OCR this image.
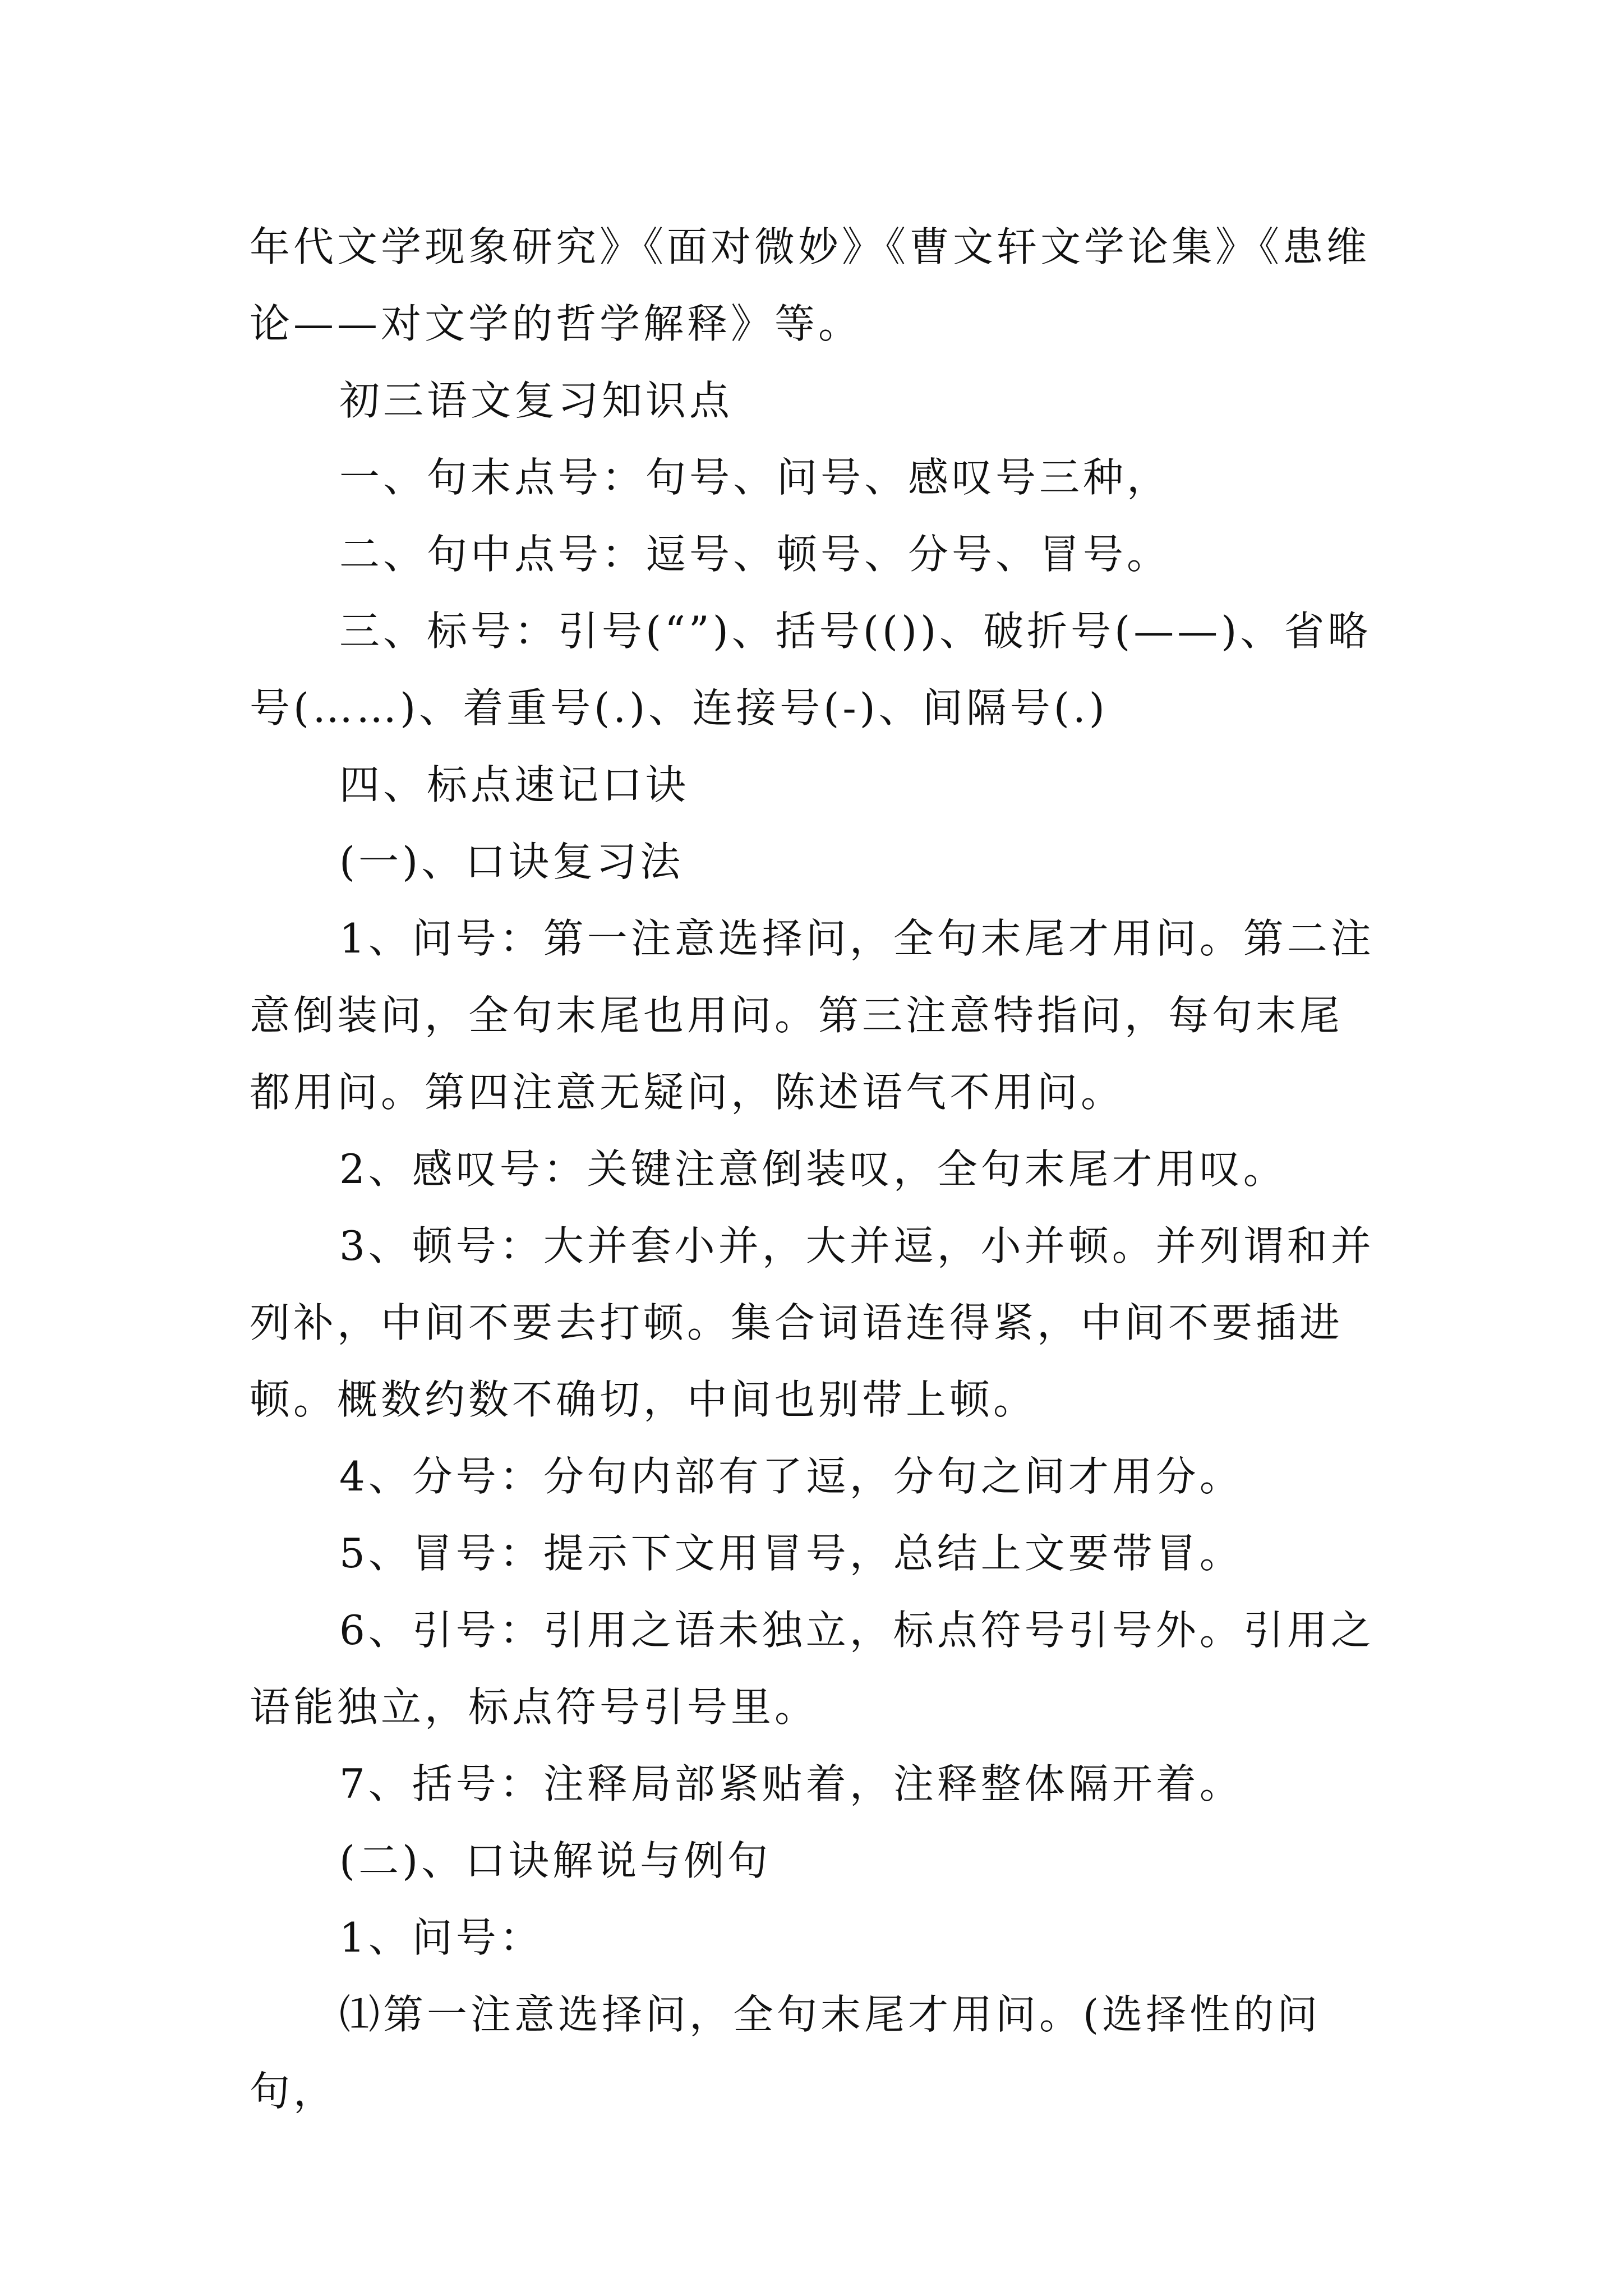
年代文学现象研究》《面对微妙》《曹文轩文学论集》《患维论——对文学的哲学解释》等。

初三语文复习知识点

一、句末点号：句号、问号、感叹号三种，

二、句中点号：逗号、顿号、分号、冒号。

三、标号：引号(“”)、括号(())、破折号(——)、省略号(……)、着重号(.)、连接号(-)、间隔号(.)

四、标点速记口诀

(一)、口诀复习法

1、问号：第一注意选择问，全句末尾才用问。第二注意倒装问，全句末尾也用问。第三注意特指问，每句末尾都用问。第四注意无疑问，陈述语气不用问。

2、感叹号：关键注意倒装叹，全句末尾才用叹。

3、顿号：大并套小并，大并逗，小并顿。并列谓和并列补，中间不要去打顿。集合词语连得紧，中间不要插进顿。概数约数不确切，中间也别带上顿。

4、分号：分句内部有了逗，分句之间才用分。

5、冒号：提示下文用冒号，总结上文要带冒。

6、引号：引用之语未独立，标点符号引号外。引用之语能独立，标点符号引号里。

7、括号：注释局部紧贴着，注释整体隔开着。

(二)、口诀解说与例句

1、问号：

⑴第一注意选择问，全句末尾才用问。(选择性的问句，
